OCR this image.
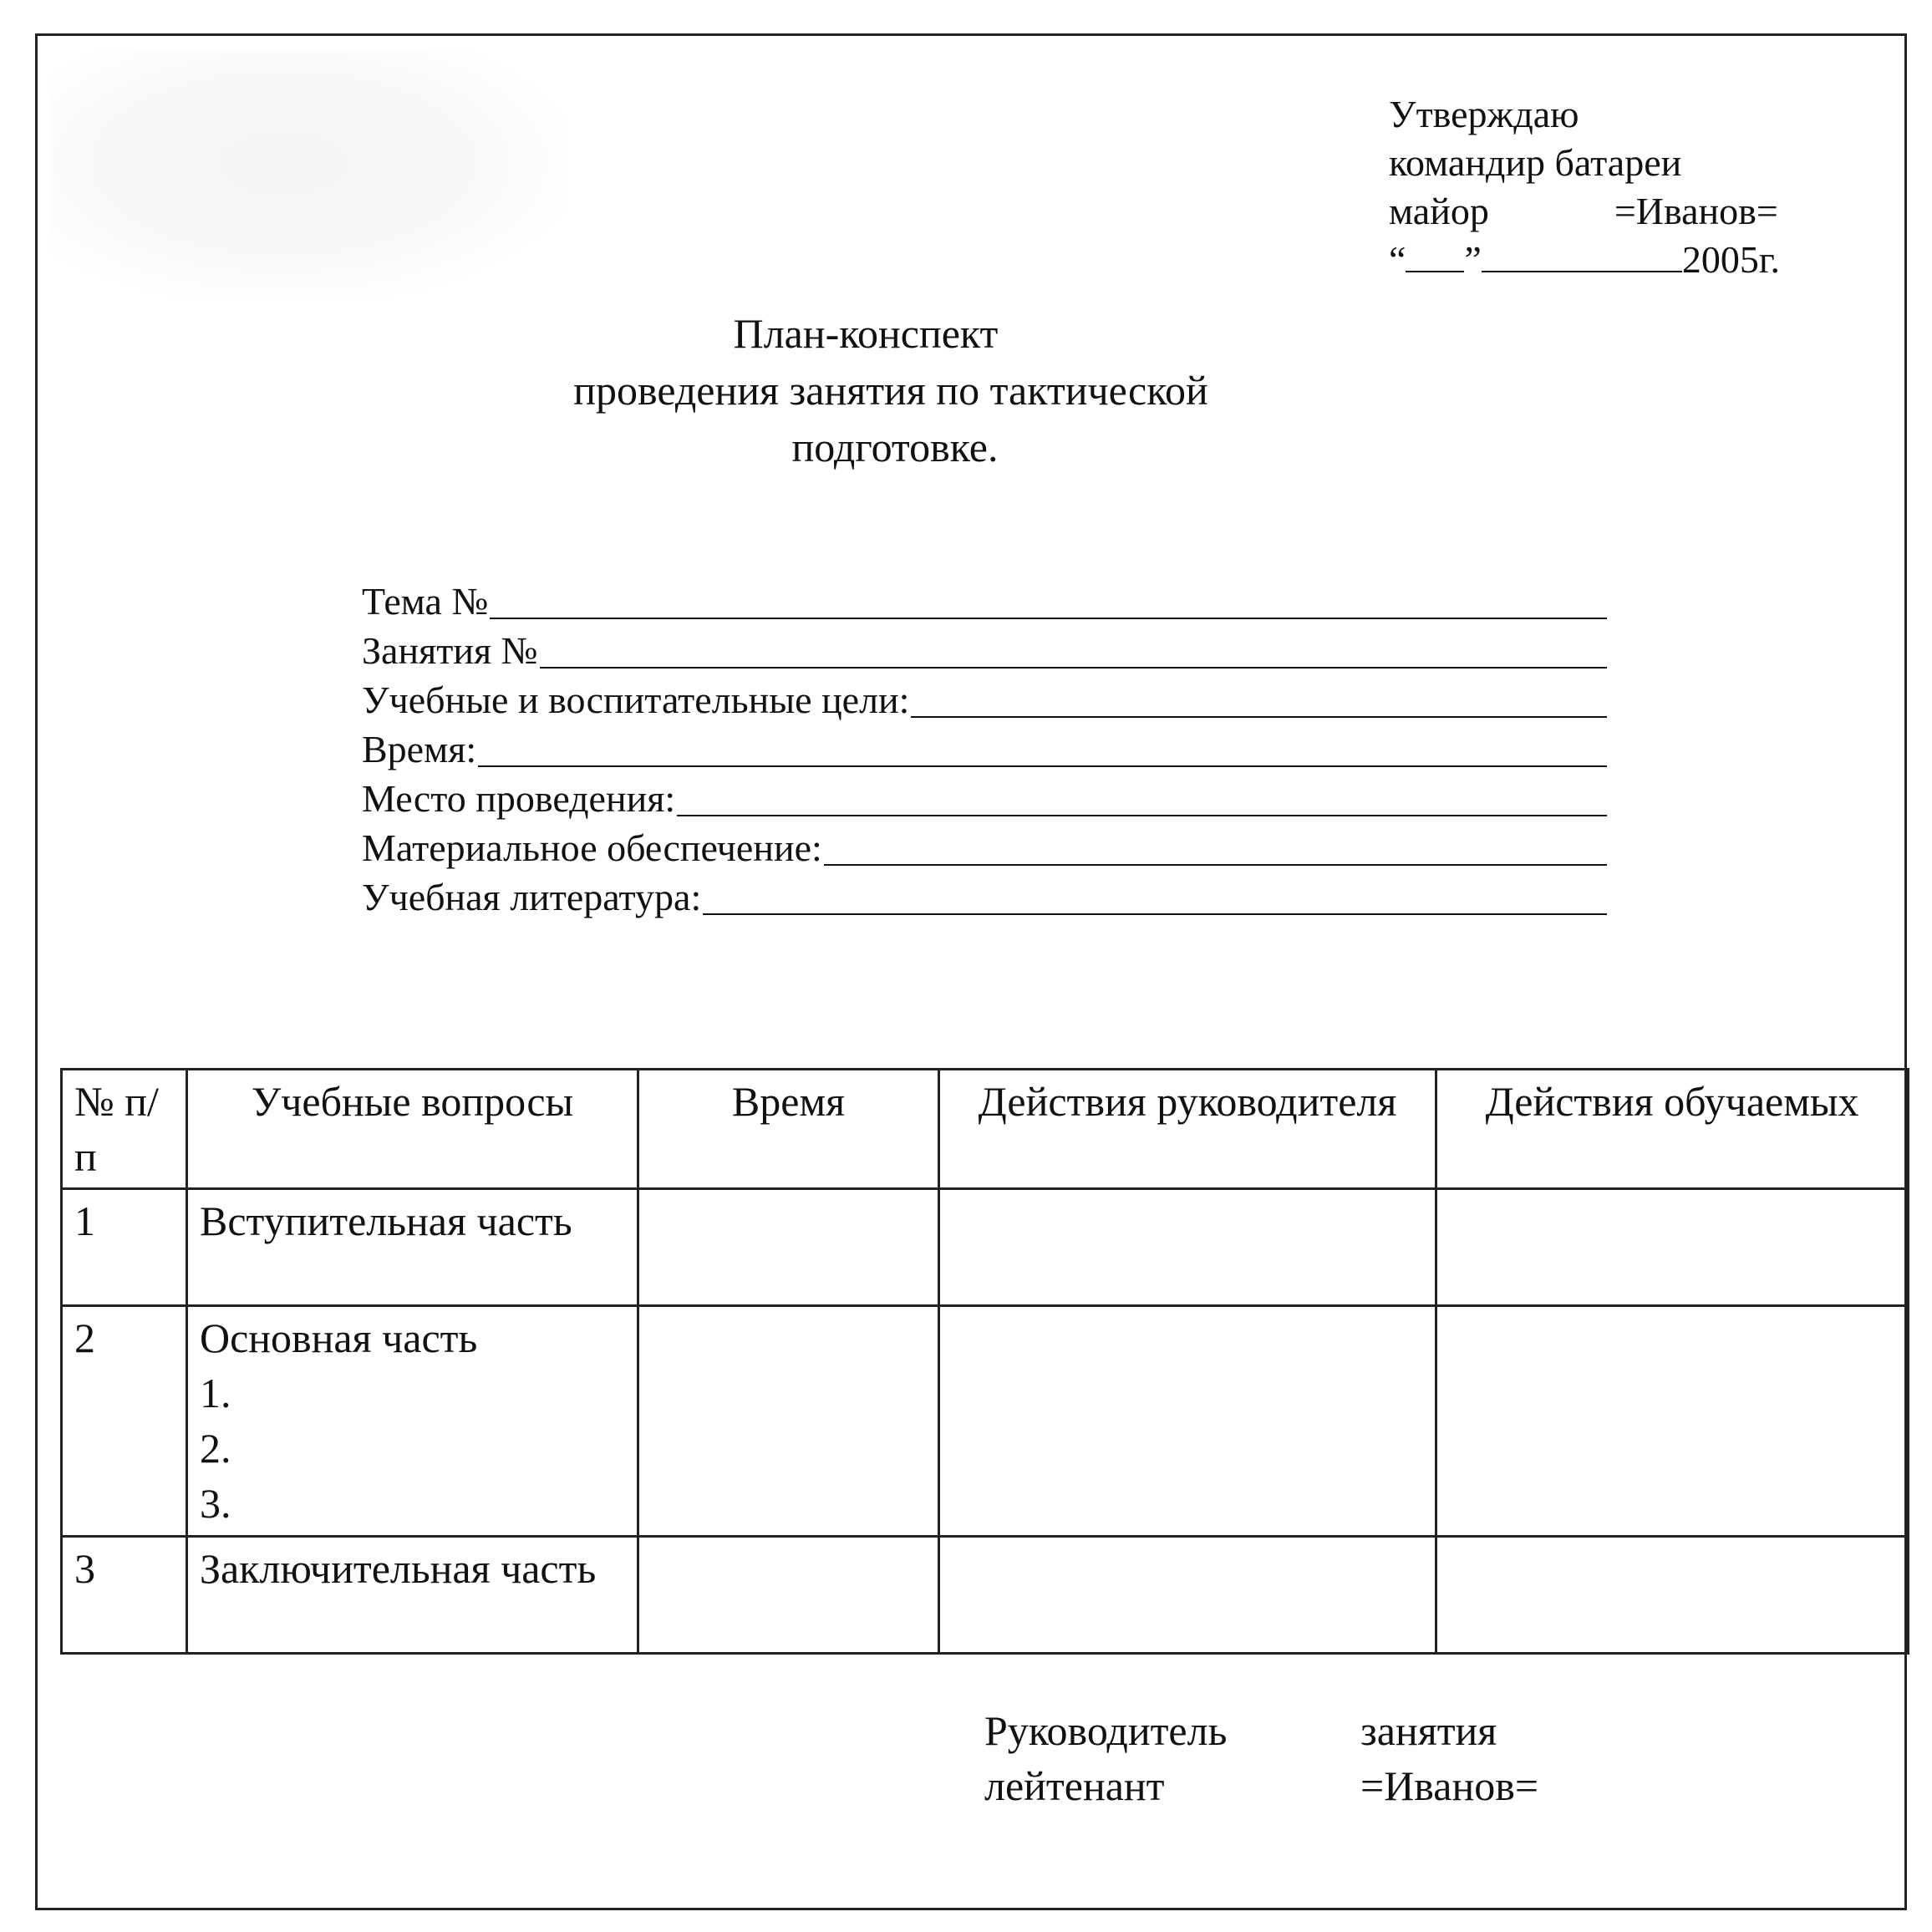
Утверждаю
командир батареи
майор	=Иванов=
“ ”	2005г.
План-конспект
проведения занятия по тактической
подготовке.
Тема №
Занятия №
Учебные и воспитательные цели:
Время:
Место проведения:
Материальное обеспечение:
Учебная литература:
№ п/п	Учебные вопросы	Время	Действия руководителя	Действия обучаемых
1	Вступительная часть			
2	Основная часть
1.
2.
3.			

3	Заключительная часть			
Руководитель	занятия
лейтенант	=Иванов=
